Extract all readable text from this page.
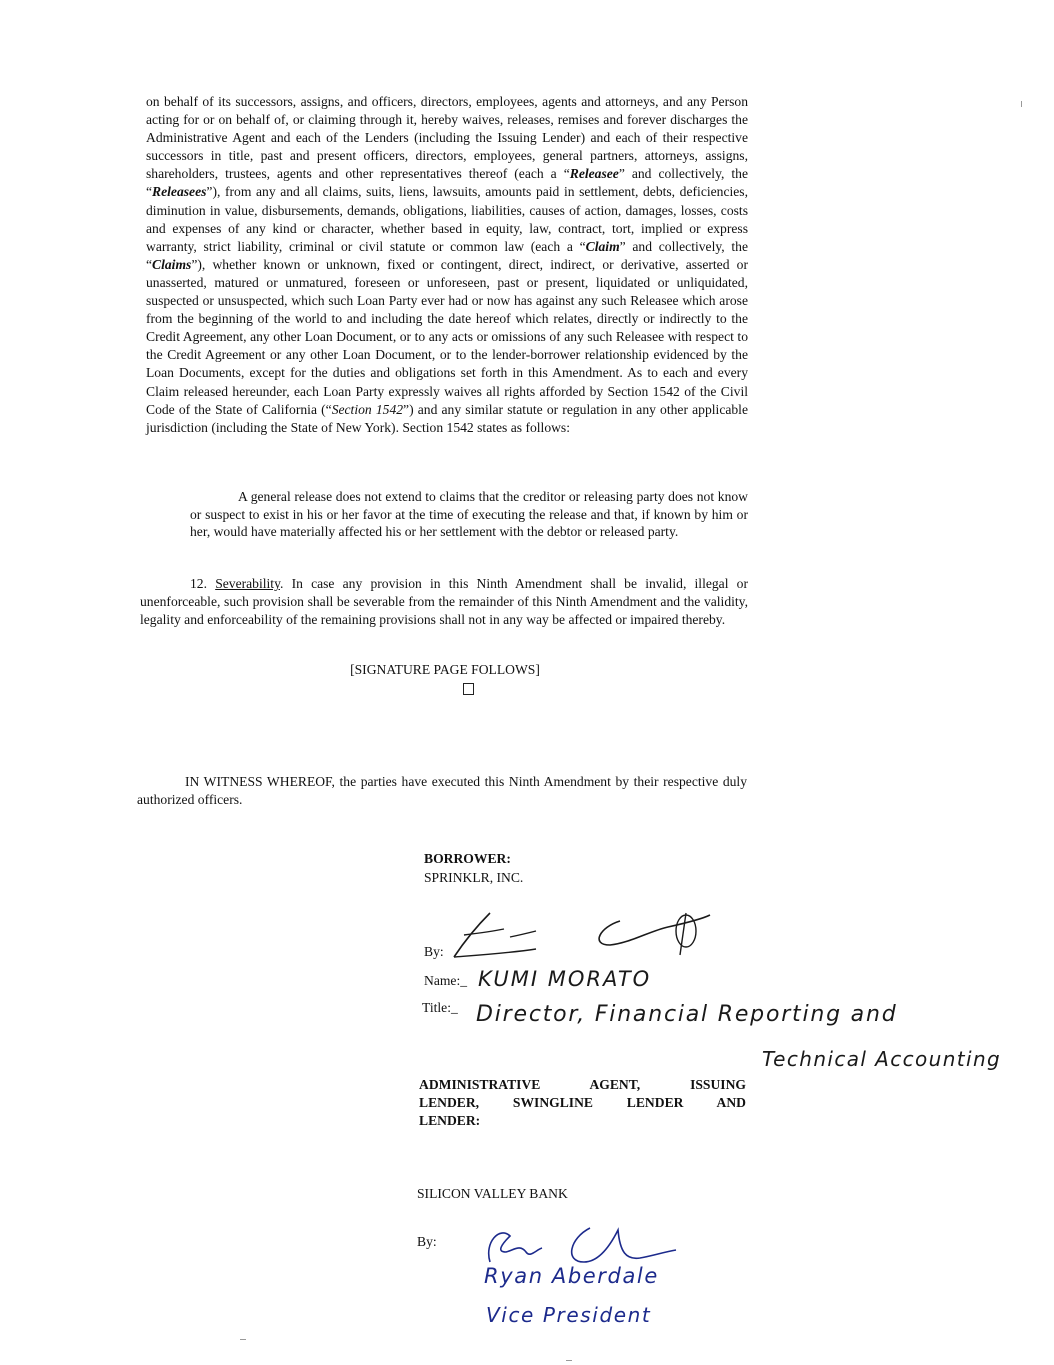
on behalf of its successors, assigns, and officers, directors, employees, agents and attorneys, and any Person acting for or on behalf of, or claiming through it, hereby waives, releases, remises and forever discharges the Administrative Agent and each of the Lenders (including the Issuing Lender) and each of their respective successors in title, past and present officers, directors, employees, general partners, attorneys, assigns, shareholders, trustees, agents and other representatives thereof (each a “Releasee” and collectively, the “Releasees”), from any and all claims, suits, liens, lawsuits, amounts paid in settlement, debts, deficiencies, diminution in value, disbursements, demands, obligations, liabilities, causes of action, damages, losses, costs and expenses of any kind or character, whether based in equity, law, contract, tort, implied or express warranty, strict liability, criminal or civil statute or common law (each a “Claim” and collectively, the “Claims”), whether known or unknown, fixed or contingent, direct, indirect, or derivative, asserted or unasserted, matured or unmatured, foreseen or unforeseen, past or present, liquidated or unliquidated, suspected or unsuspected, which such Loan Party ever had or now has against any such Releasee which arose from the beginning of the world to and including the date hereof which relates, directly or indirectly to the Credit Agreement, any other Loan Document, or to any acts or omissions of any such Releasee with respect to the Credit Agreement or any other Loan Document, or to the lender-borrower relationship evidenced by the Loan Documents, except for the duties and obligations set forth in this Amendment. As to each and every Claim released hereunder, each Loan Party expressly waives all rights afforded by Section 1542 of the Civil Code of the State of California (“Section 1542”) and any similar statute or regulation in any other applicable jurisdiction (including the State of New York). Section 1542 states as follows:

A general release does not extend to claims that the creditor or releasing party does not know or suspect to exist in his or her favor at the time of executing the release and that, if known by him or her, would have materially affected his or her settlement with the debtor or released party.

12. Severability. In case any provision in this Ninth Amendment shall be invalid, illegal or unenforceable, such provision shall be severable from the remainder of this Ninth Amendment and the validity, legality and enforceability of the remaining provisions shall not in any way be affected or impaired thereby.

[SIGNATURE PAGE FOLLOWS]

IN WITNESS WHEREOF, the parties have executed this Ninth Amendment by their respective duly authorized officers.

BORROWER:
SPRINKLR, INC.
By:
Name:_ KUMI MORATO
Title:_ Director, Financial Reporting and
Technical Accounting

ADMINISTRATIVE AGENT, ISSUING
LENDER, SWINGLINE LENDER AND
LENDER:

SILICON VALLEY BANK
By:
Ryan Aberdale
Vice President
